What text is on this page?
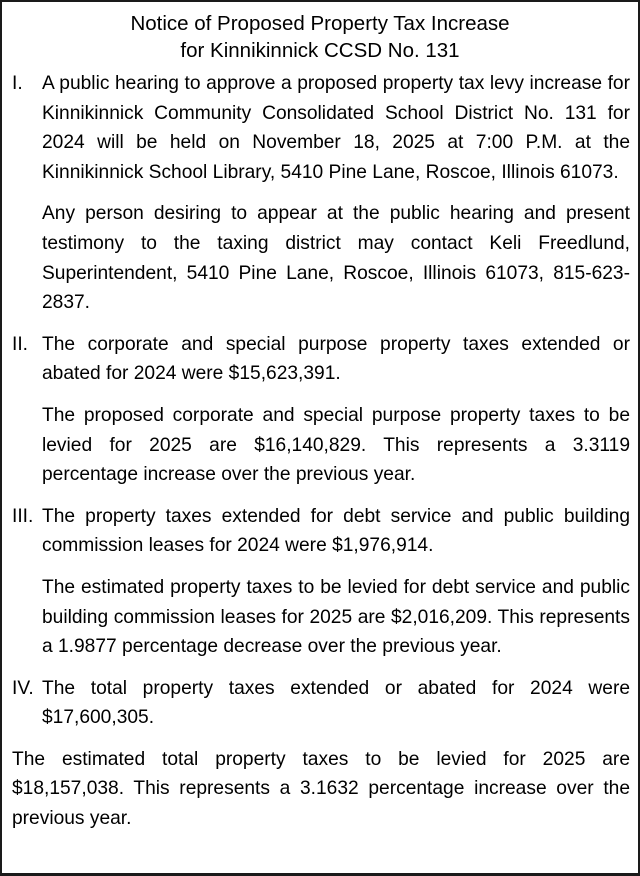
Notice of Proposed Property Tax Increase
for Kinnikinnick CCSD No. 131
I.	A public hearing to approve a proposed property tax levy increase for Kinnikinnick Community Consolidated School District No. 131 for 2024 will be held on November 18, 2025 at 7:00 P.M. at the Kinnikinnick School Library, 5410 Pine Lane, Roscoe, Illinois 61073.
Any person desiring to appear at the public hearing and present testimony to the taxing district may contact Keli Freedlund, Superintendent, 5410 Pine Lane, Roscoe, Illinois 61073, 815-623-2837.
II. The corporate and special purpose property taxes extended or abated for 2024 were $15,623,391.
The proposed corporate and special purpose property taxes to be levied for 2025 are $16,140,829. This represents a 3.3119 percentage increase over the previous year.
III. The property taxes extended for debt service and public building commission leases for 2024 were $1,976,914.
The estimated property taxes to be levied for debt service and public building commission leases for 2025 are $2,016,209. This represents a 1.9877 percentage decrease over the previous year.
IV. The total property taxes extended or abated for 2024 were $17,600,305.
The estimated total property taxes to be levied for 2025 are $18,157,038. This represents a 3.1632 percentage increase over the previous year.
